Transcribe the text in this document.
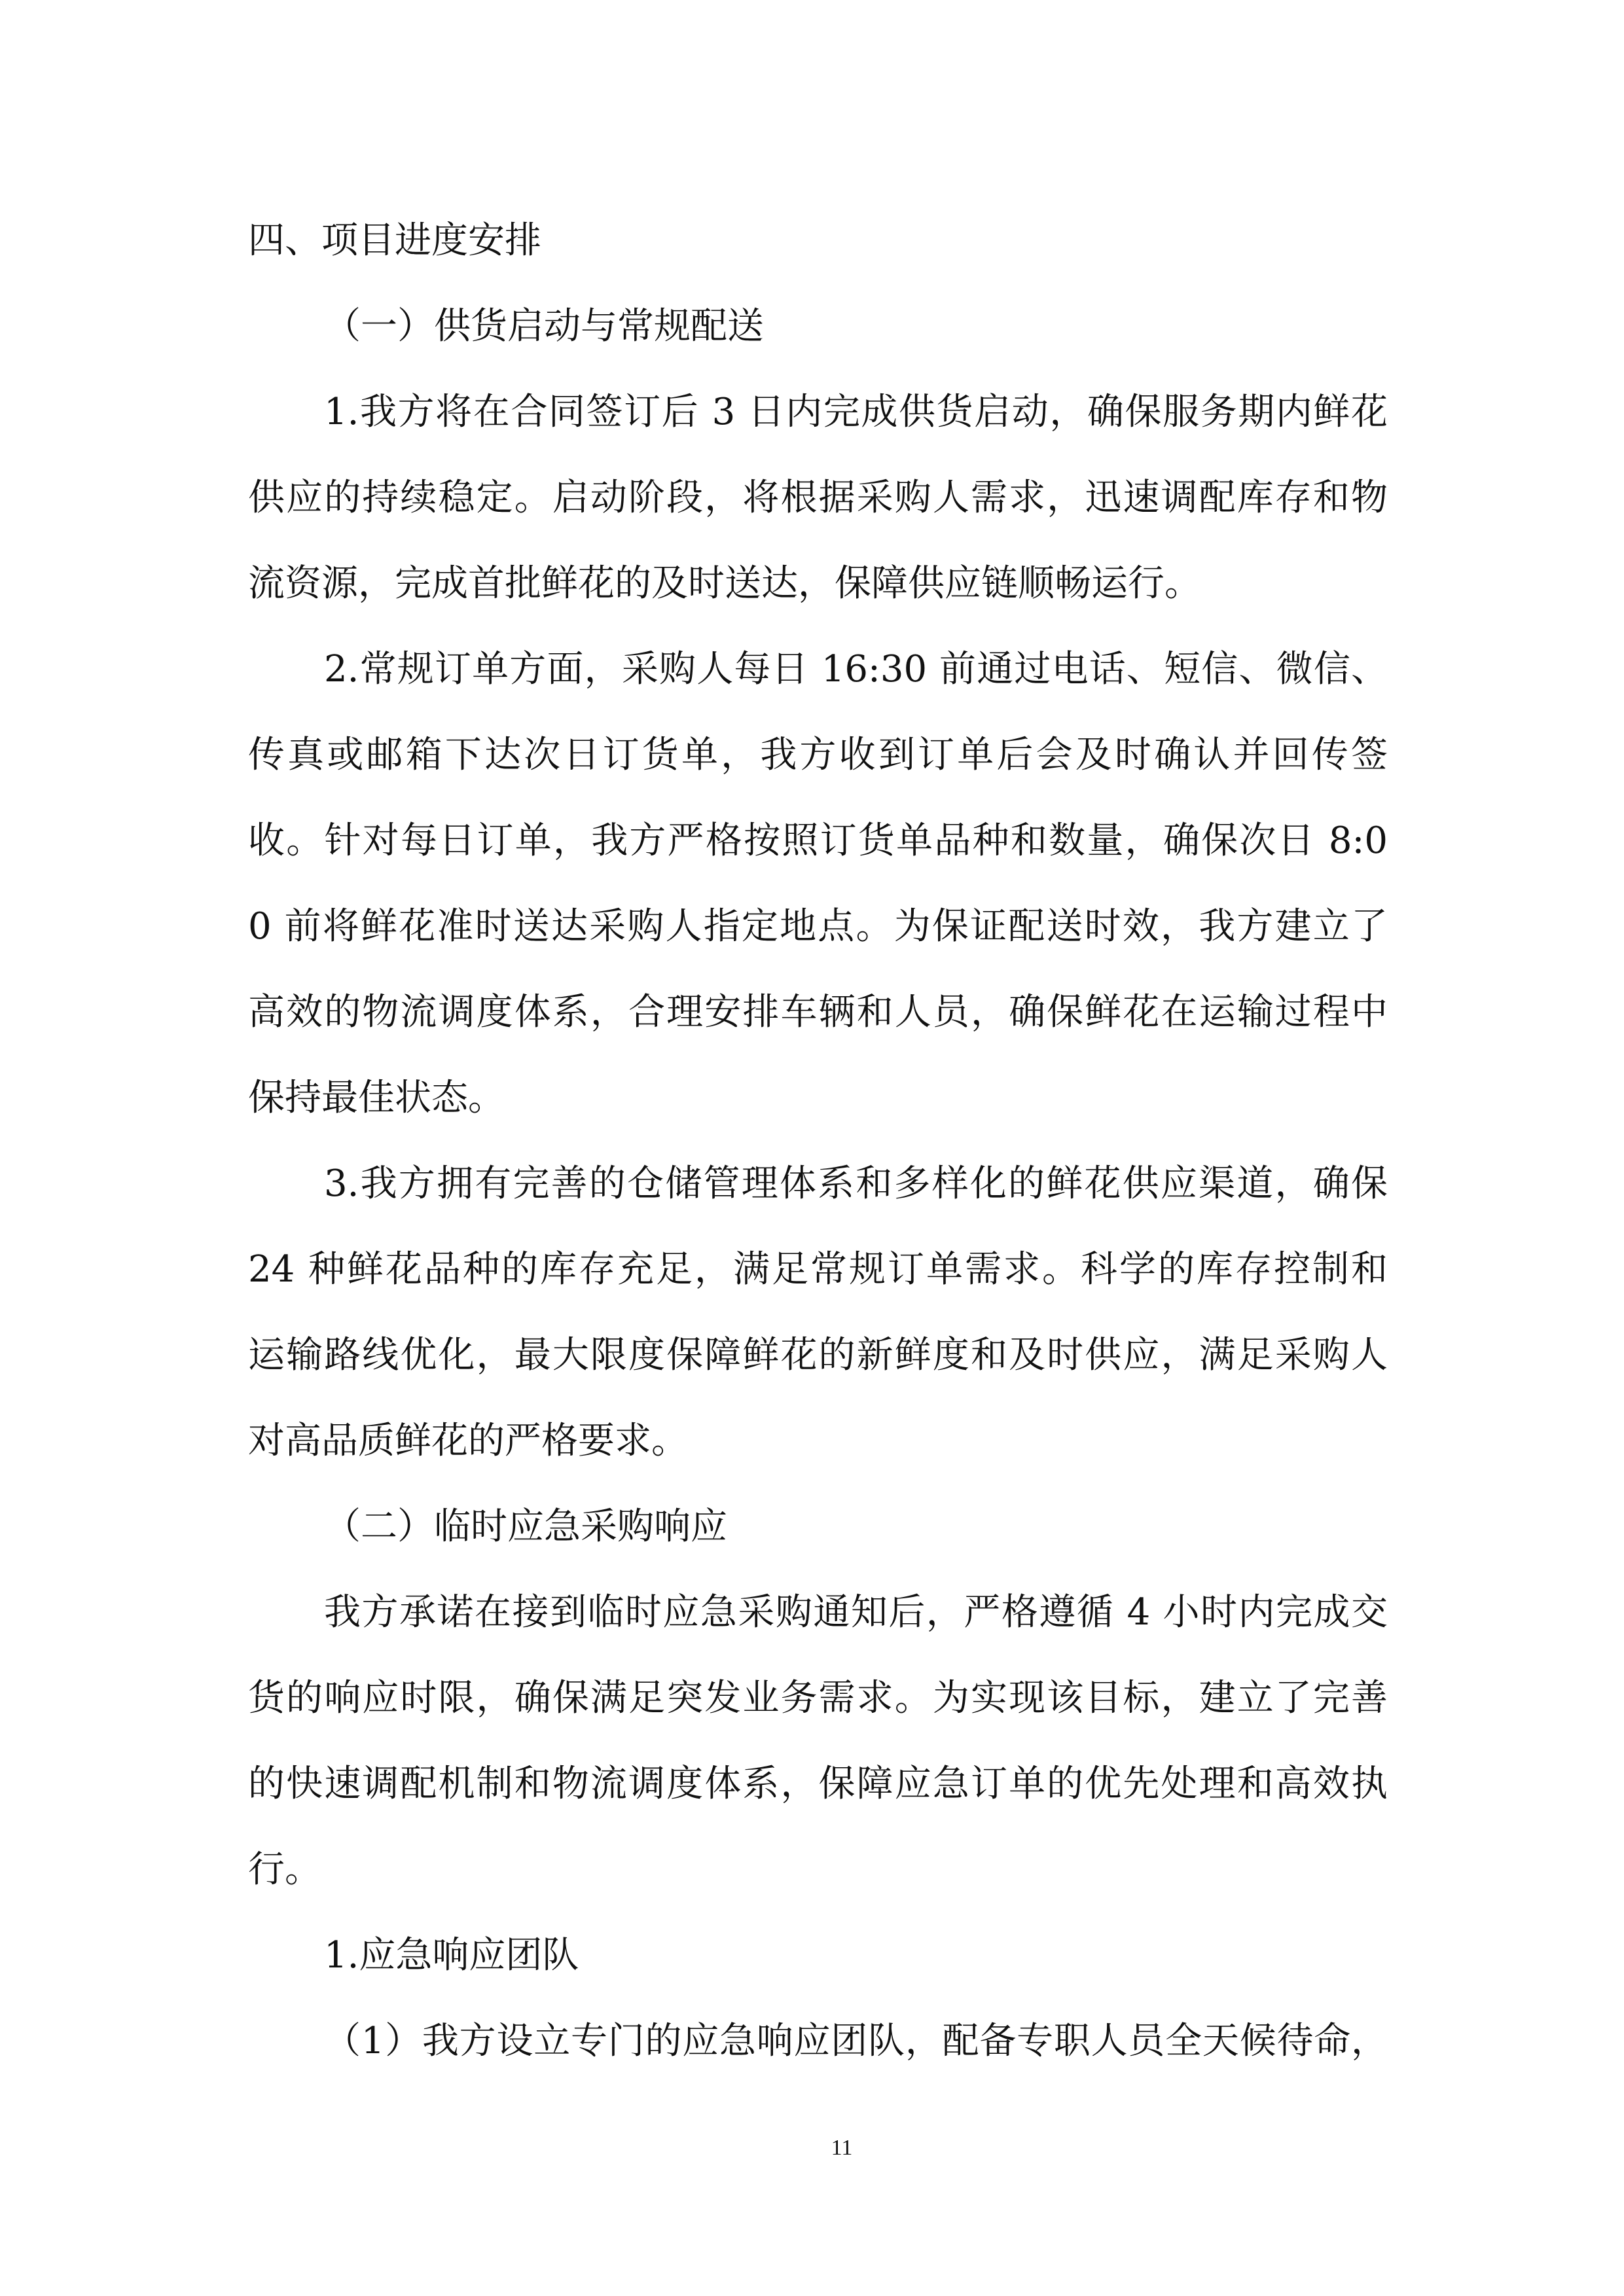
四、项目进度安排
（一）供货启动与常规配送
1.我方将在合同签订后 3 日内完成供货启动，确保服务期内鲜花
供应的持续稳定。启动阶段，将根据采购人需求，迅速调配库存和物
流资源，完成首批鲜花的及时送达，保障供应链顺畅运行。
2.常规订单方面，采购人每日 16:30 前通过电话、短信、微信、
传真或邮箱下达次日订货单，我方收到订单后会及时确认并回传签
收。针对每日订单，我方严格按照订货单品种和数量，确保次日 8:0
0 前将鲜花准时送达采购人指定地点。为保证配送时效，我方建立了
高效的物流调度体系，合理安排车辆和人员，确保鲜花在运输过程中
保持最佳状态。
3.我方拥有完善的仓储管理体系和多样化的鲜花供应渠道，确保
24 种鲜花品种的库存充足，满足常规订单需求。科学的库存控制和
运输路线优化，最大限度保障鲜花的新鲜度和及时供应，满足采购人
对高品质鲜花的严格要求。
（二）临时应急采购响应
我方承诺在接到临时应急采购通知后，严格遵循 4 小时内完成交
货的响应时限，确保满足突发业务需求。为实现该目标，建立了完善
的快速调配机制和物流调度体系，保障应急订单的优先处理和高效执
行。
1.应急响应团队
（1）我方设立专门的应急响应团队，配备专职人员全天候待命，
11
